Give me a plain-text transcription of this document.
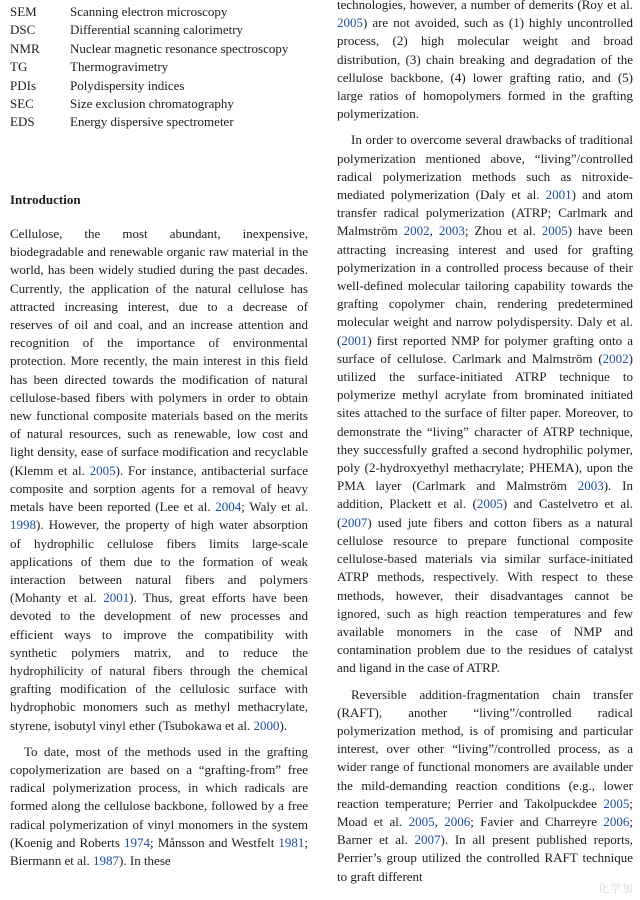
SEM	Scanning electron microscopy
DSC	Differential scanning calorimetry
NMR	Nuclear magnetic resonance spectroscopy
TG	Thermogravimetry
PDIs	Polydispersity indices
SEC	Size exclusion chromatography
EDS	Energy dispersive spectrometer
Introduction

Cellulose, the most abundant, inexpensive, biodegradable and renewable organic raw material in the world, has been widely studied during the past decades. Currently, the application of the natural cellulose has attracted increasing interest, due to a decrease of reserves of oil and coal, and an increase attention and recognition of the importance of environmental protection. More recently, the main interest in this field has been directed towards the modification of natural cellulose-based fibers with polymers in order to obtain new functional composite materials based on the merits of natural resources, such as renewable, low cost and light density, ease of surface modification and recyclable (Klemm et al. 2005). For instance, antibacterial surface composite and sorption agents for a removal of heavy metals have been reported (Lee et al. 2004; Waly et al. 1998). However, the property of high water absorption of hydrophilic cellulose fibers limits large-scale applications of them due to the formation of weak interaction between natural fibers and polymers (Mohanty et al. 2001). Thus, great efforts have been devoted to the development of new processes and efficient ways to improve the compatibility with synthetic polymers matrix, and to reduce the hydrophilicity of natural fibers through the chemical grafting modification of the cellulosic surface with hydrophobic monomers such as methyl methacrylate, styrene, isobutyl vinyl ether (Tsubokawa et al. 2000).

To date, most of the methods used in the grafting copolymerization are based on a “grafting-from” free radical polymerization process, in which radicals are formed along the cellulose backbone, followed by a free radical polymerization of vinyl monomers in the system (Koenig and Roberts 1974; Månsson and Westfelt 1981; Biermann et al. 1987). In these

technologies, however, a number of demerits (Roy et al. 2005) are not avoided, such as (1) highly uncontrolled process, (2) high molecular weight and broad distribution, (3) chain breaking and degradation of the cellulose backbone, (4) lower grafting ratio, and (5) large ratios of homopolymers formed in the grafting polymerization.

In order to overcome several drawbacks of traditional polymerization mentioned above, “living”/controlled radical polymerization methods such as nitroxide-mediated polymerization (Daly et al. 2001) and atom transfer radical polymerization (ATRP; Carlmark and Malmström 2002, 2003; Zhou et al. 2005) have been attracting increasing interest and used for grafting polymerization in a controlled process because of their well-defined molecular tailoring capability towards the grafting copolymer chain, rendering predetermined molecular weight and narrow polydispersity. Daly et al. (2001) first reported NMP for polymer grafting onto a surface of cellulose. Carlmark and Malmström (2002) utilized the surface-initiated ATRP technique to polymerize methyl acrylate from brominated initiated sites attached to the surface of filter paper. Moreover, to demonstrate the “living” character of ATRP technique, they successfully grafted a second hydrophilic polymer, poly (2-hydroxyethyl methacrylate; PHEMA), upon the PMA layer (Carlmark and Malmström 2003). In addition, Plackett et al. (2005) and Castelvetro et al. (2007) used jute fibers and cotton fibers as a natural cellulose resource to prepare functional composite cellulose-based materials via similar surface-initiated ATRP methods, respectively. With respect to these methods, however, their disadvantages cannot be ignored, such as high reaction temperatures and few available monomers in the case of NMP and contamination problem due to the residues of catalyst and ligand in the case of ATRP.

Reversible addition-fragmentation chain transfer (RAFT), another “living”/controlled radical polymerization method, is of promising and particular interest, over other “living”/controlled process, as a wider range of functional monomers are available under the mild-demanding reaction conditions (e.g., lower reaction temperature; Perrier and Takolpuckdee 2005; Moad et al. 2005, 2006; Favier and Charreyre 2006; Barner et al. 2007). In all present published reports, Perrier’s group utilized the controlled RAFT technique to graft different

化学加
